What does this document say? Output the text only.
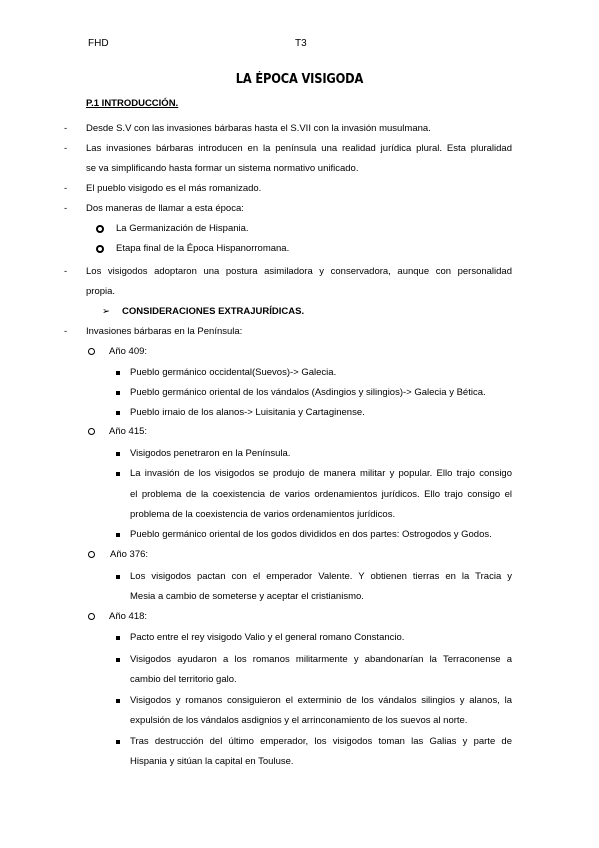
FHD	T3
LA ÉPOCA VISIGODA
P.1 INTRODUCCIÓN.
- Desde S.V con las invasiones bárbaras hasta el S.VII con la invasión musulmana.
- Las invasiones bárbaras introducen en la península una realidad jurídica plural. Esta pluralidad
se va simplificando hasta formar un sistema normativo unificado.
- El pueblo visigodo es el más romanizado.
- Dos maneras de llamar a esta época:
La Germanización de Hispania.
Etapa final de la Época Hispanorromana.
- Los visigodos adoptaron una postura asimiladora y conservadora, aunque con personalidad
propia.
➢ CONSIDERACIONES EXTRAJURÍDICAS.
- Invasiones bárbaras en la Península:
Año 409:
Pueblo germánico occidental(Suevos)-> Galecia.
Pueblo germánico oriental de los vándalos (Asdingios y silingios)-> Galecia y Bética.
Pueblo irnaio de los alanos-> Luisitania y Cartaginense.
Año 415:
Visigodos penetraron en la Península.
La invasión de los visigodos se produjo de manera militar y popular. Ello trajo consigo
el problema de la coexistencia de varios ordenamientos jurídicos. Ello trajo consigo el
problema de la coexistencia de varios ordenamientos jurídicos.
Pueblo germánico oriental de los godos divididos en dos partes: Ostrogodos y Godos.
Año 376:
Los visigodos pactan con el emperador Valente. Y obtienen tierras en la Tracia y
Mesia a cambio de someterse y aceptar el cristianismo.
Año 418:
Pacto entre el rey visigodo Valio y el general romano Constancio.
Visigodos ayudaron a los romanos militarmente y abandonarían la Terraconense a
cambio del territorio galo.
Visigodos y romanos consiguieron el exterminio de los vándalos silingios y alanos, la
expulsión de los vándalos asdignios y el arrinconamiento de los suevos al norte.
Tras destrucción del último emperador, los visigodos toman las Galias y parte de
Hispania y sitúan la capital en Touluse.
